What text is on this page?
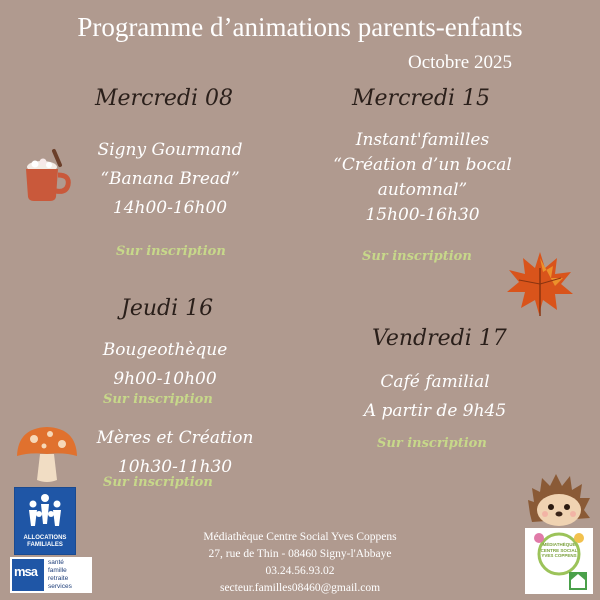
Programme d’animations parents-enfants
Octobre 2025
Mercredi 08
Signy Gourmand
“Banana Bread”
14h00-16h00
Sur inscription
Mercredi 15
Instant'familles
“Création d’un bocal
automnal”
15h00-16h30
Sur inscription
Jeudi 16
Bougeothèque
9h00-10h00
Sur inscription
Mères et Création
10h30-11h30
Sur inscription
Vendredi 17
Café familial
A partir de 9h45
Sur inscription
ALLOCATIONS FAMILIALES
msa
santé
famille
retraite
services
MÉDIATHÈQUE CENTRE SOCIAL YVES COPPENS
Médiathèque Centre Social Yves Coppens
27, rue de Thin - 08460 Signy-l'Abbaye
03.24.56.93.02
secteur.familles08460@gmail.com
